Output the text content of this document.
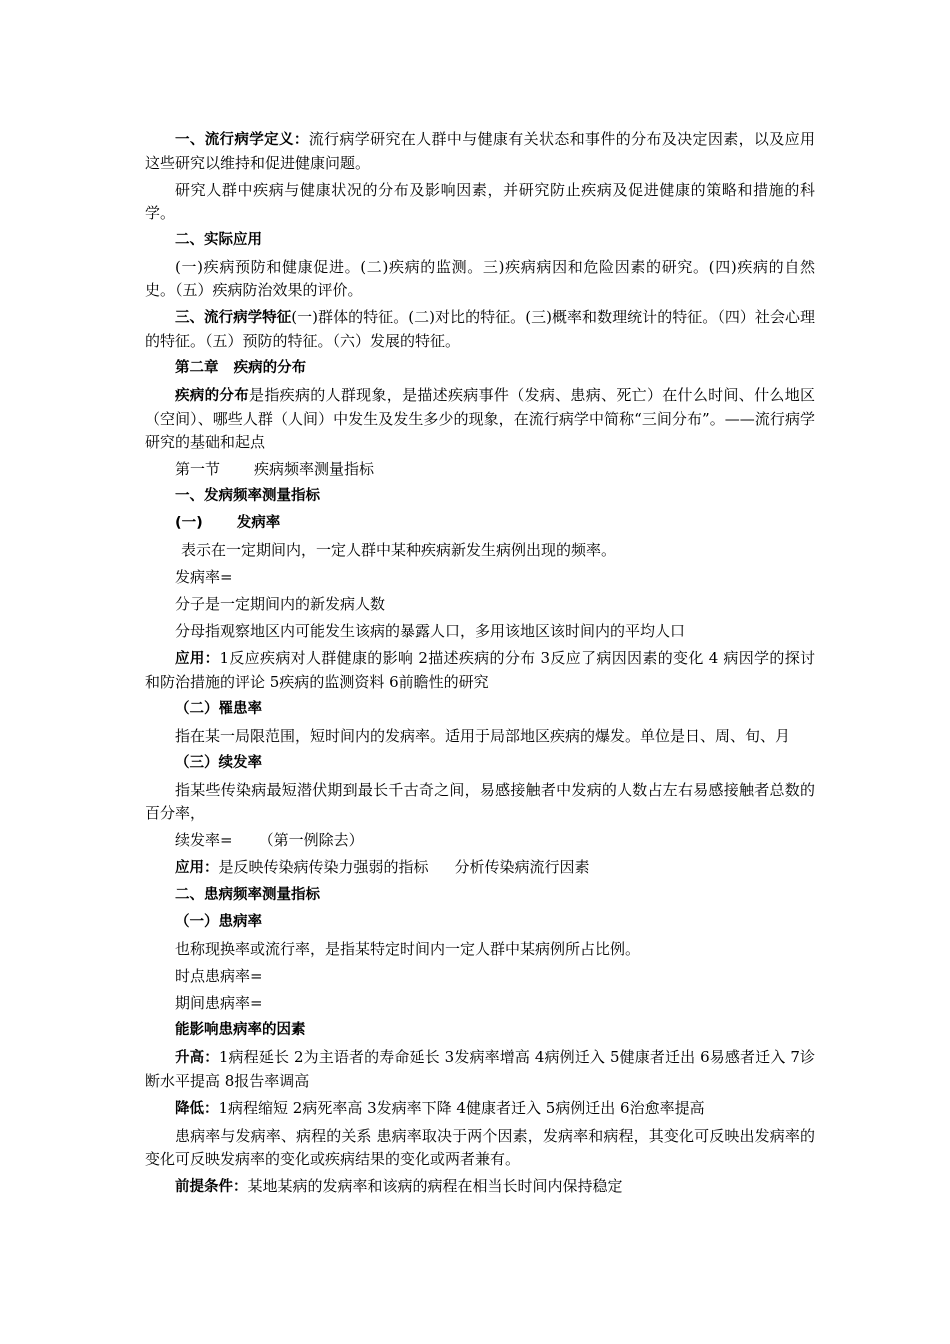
一、流行病学定义：流行病学研究在人群中与健康有关状态和事件的分布及决定因素，以及应用这些研究以维持和促进健康问题。

研究人群中疾病与健康状况的分布及影响因素，并研究防止疾病及促进健康的策略和措施的科学。

二、实际应用

(一)疾病预防和健康促进。(二)疾病的监测。三)疾病病因和危险因素的研究。(四)疾病的自然史。（五）疾病防治效果的评价。

三、流行病学特征(一)群体的特征。(二)对比的特征。(三)概率和数理统计的特征。（四）社会心理的特征。（五）预防的特征。（六）发展的特征。

第二章   疾病的分布

疾病的分布是指疾病的人群现象，是描述疾病事件（发病、患病、死亡）在什么时间、什么地区（空间）、哪些人群（人间）中发生及发生多少的现象，在流行病学中简称“三间分布”。——流行病学研究的基础和起点

第一节 疾病频率测量指标

一、发病频率测量指标

(一) 发病率

表示在一定期间内，一定人群中某种疾病新发生病例出现的频率。

发病率=

分子是一定期间内的新发病人数

分母指观察地区内可能发生该病的暴露人口，多用该地区该时间内的平均人口

应用：1反应疾病对人群健康的影响 2描述疾病的分布 3反应了病因因素的变化 4 病因学的探讨和防治措施的评论 5疾病的监测资料 6前瞻性的研究

（二）罹患率

指在某一局限范围，短时间内的发病率。适用于局部地区疾病的爆发。单位是日、周、旬、月

（三）续发率

指某些传染病最短潜伏期到最长千古奇之间，易感接触者中发病的人数占左右易感接触者总数的百分率，

续发率= （第一例除去）

应用：是反映传染病传染力强弱的指标 分析传染病流行因素

二、患病频率测量指标

（一）患病率

也称现换率或流行率，是指某特定时间内一定人群中某病例所占比例。

时点患病率=

期间患病率=

能影响患病率的因素

升高：1病程延长 2为主语者的寿命延长 3发病率增高 4病例迁入 5健康者迁出 6易感者迁入 7诊断水平提高 8报告率调高

降低：1病程缩短 2病死率高 3发病率下降 4健康者迁入 5病例迁出 6治愈率提高

患病率与发病率、病程的关系 患病率取决于两个因素，发病率和病程，其变化可反映出发病率的变化可反映发病率的变化或疾病结果的变化或两者兼有。

前提条件：某地某病的发病率和该病的病程在相当长时间内保持稳定
